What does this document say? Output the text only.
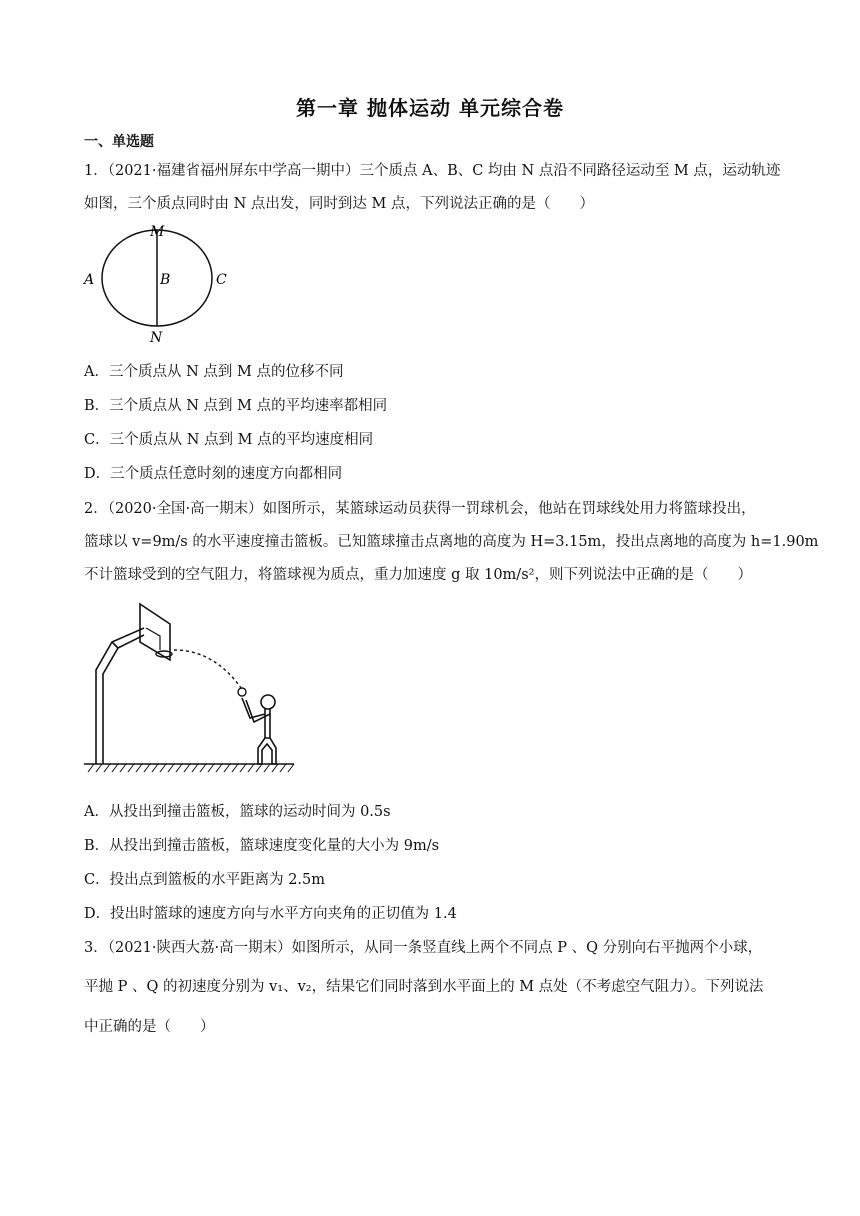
第一章 抛体运动 单元综合卷
一、单选题
1．（2021·福建省福州屏东中学高一期中）三个质点 A、B、C 均由 N 点沿不同路径运动至 M 点，运动轨迹
如图，三个质点同时由 N 点出发，同时到达 M 点，下列说法正确的是（　　）
M
N
A	B	C
A．三个质点从 N 点到 M 点的位移不同
B．三个质点从 N 点到 M 点的平均速率都相同
C．三个质点从 N 点到 M 点的平均速度相同
D．三个质点任意时刻的速度方向都相同
2．（2020·全国·高一期末）如图所示，某篮球运动员获得一罚球机会，他站在罚球线处用力将篮球投出，
篮球以 v=9m/s 的水平速度撞击篮板。已知篮球撞击点离地的高度为 H=3.15m，投出点离地的高度为 h=1.90m
不计篮球受到的空气阻力，将篮球视为质点，重力加速度 g 取 10m/s²，则下列说法中正确的是（　　）
A．从投出到撞击篮板，篮球的运动时间为 0.5s
B．从投出到撞击篮板，篮球速度变化量的大小为 9m/s
C．投出点到篮板的水平距离为 2.5m
D．投出时篮球的速度方向与水平方向夹角的正切值为 1.4
3．（2021·陕西大荔·高一期末）如图所示，从同一条竖直线上两个不同点 P 、Q 分别向右平抛两个小球，
平抛 P 、Q 的初速度分别为 v₁、v₂，结果它们同时落到水平面上的 M 点处（不考虑空气阻力）。下列说法
中正确的是（　　）
